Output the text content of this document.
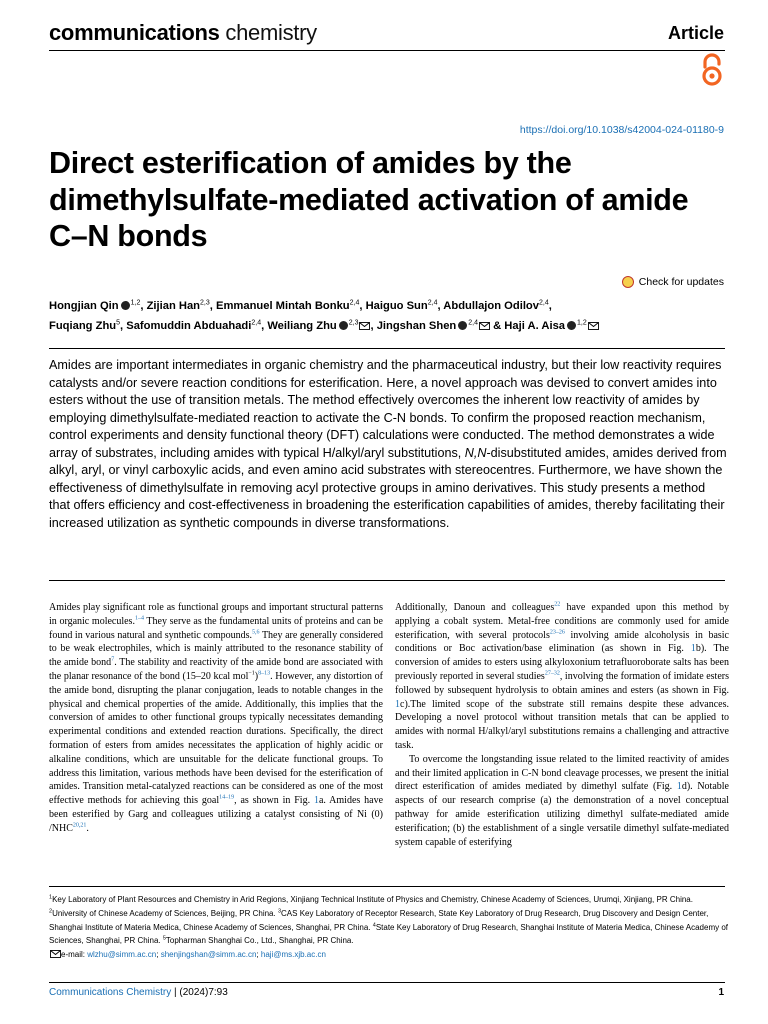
communications chemistry	Article
https://doi.org/10.1038/s42004-024-01180-9
Direct esterification of amides by the dimethylsulfate-mediated activation of amide C–N bonds
Check for updates
Hongjian Qin $^{1,2}$, Zijian Han$^{2,3}$, Emmanuel Mintah Bonku$^{2,4}$, Haiguo Sun$^{2,4}$, Abdullajon Odilov$^{2,4}$,
Fuqiang Zhu$^5$, Safomuddin Abduahadi$^{2,4}$, Weiliang Zhu $^{2,3}$ , Jingshan Shen $^{2,4}$ & Haji A. Aisa $^{1,2}$

Amides are important intermediates in organic chemistry and the pharmaceutical industry, but their low reactivity requires catalysts and/or severe reaction conditions for esterification. Here, a novel approach was devised to convert amides into esters without the use of transition metals. The method effectively overcomes the inherent low reactivity of amides by employing dimethylsulfate-mediated reaction to activate the C-N bonds. To confirm the proposed reaction mechanism, control experiments and density functional theory (DFT) calculations were conducted. The method demonstrates a wide array of substrates, including amides with typical H/alkyl/aryl substitutions, N,N-disubstituted amides, amides derived from alkyl, aryl, or vinyl carboxylic acids, and even amino acid substrates with stereocentres. Furthermore, we have shown the effectiveness of dimethylsulfate in removing acyl protective groups in amino derivatives. This study presents a method that offers efficiency and cost-effectiveness in broadening the esterification capabilities of amides, thereby facilitating their increased utilization as synthetic compounds in diverse transformations.

Amides play significant role as functional groups and important structural patterns in organic molecules.$^{1-4}$ They serve as the fundamental units of proteins and can be found in various natural and synthetic compounds.$^{5,6}$ They are generally considered to be weak electrophiles, which is mainly attributed to the resonance stability of the amide bond$^7$. The stability and reactivity of the amide bond are associated with the planar resonance of the bond (15–20 kcal mol$^{-1}$)$^{8-13}$. However, any distortion of the amide bond, disrupting the planar conjugation, leads to notable changes in the physical and chemical properties of the amide. Additionally, this implies that the conversion of amides to other functional groups typically necessitates demanding experimental conditions and extended reaction durations. Specifically, the direct formation of esters from amides necessitates the application of highly acidic or alkaline conditions, which are unsuitable for the delicate functional groups. To address this limitation, various methods have been devised for the esterification of amides. Transition metal-catalyzed reactions can be considered as one of the most effective methods for achieving this goal$^{14-19}$, as shown in Fig. 1a. Amides have been esterified by Garg and colleagues utilizing a catalyst consisting of Ni (0) /NHC$^{20,21}$.

Additionally, Danoun and colleagues$^{22}$ have expanded upon this method by applying a cobalt system. Metal-free conditions are commonly used for amide esterification, with several protocols$^{23-26}$ involving amide alcoholysis in basic conditions or Boc activation/base elimination (as shown in Fig. 1b). The conversion of amides to esters using alkyloxonium tetrafluoroborate salts has been previously reported in several studies$^{27-32}$, involving the formation of imidate esters followed by subsequent hydrolysis to obtain amines and esters (as shown in Fig. 1c).The limited scope of the substrate still remains despite these advances. Developing a novel protocol without transition metals that can be applied to amides with normal H/alkyl/aryl substitutions remains a challenging and attractive task.

To overcome the longstanding issue related to the limited reactivity of amides and their limited application in C-N bond cleavage processes, we present the initial direct esterification of amides mediated by dimethyl sulfate (Fig. 1d). Notable aspects of our research comprise (a) the demonstration of a novel conceptual pathway for amide esterification utilizing dimethyl sulfate-mediated amide esterification; (b) the establishment of a single versatile dimethyl sulfate-mediated system capable of esterifying

$^1$Key Laboratory of Plant Resources and Chemistry in Arid Regions, Xinjiang Technical Institute of Physics and Chemistry, Chinese Academy of Sciences, Urumqi, Xinjiang, PR China. $^2$University of Chinese Academy of Sciences, Beijing, PR China. $^3$CAS Key Laboratory of Receptor Research, State Key Laboratory of Drug Research, Drug Discovery and Design Center, Shanghai Institute of Materia Medica, Chinese Academy of Sciences, Shanghai, PR China. $^4$State Key Laboratory of Drug Research, Shanghai Institute of Materia Medica, Chinese Academy of Sciences, Shanghai, PR China. $^5$Topharman Shanghai Co., Ltd., Shanghai, PR China.
e-mail: wlzhu@simm.ac.cn; shenjingshan@simm.ac.cn; haji@ms.xjb.ac.cn
Communications Chemistry | (2024)7:93	1
